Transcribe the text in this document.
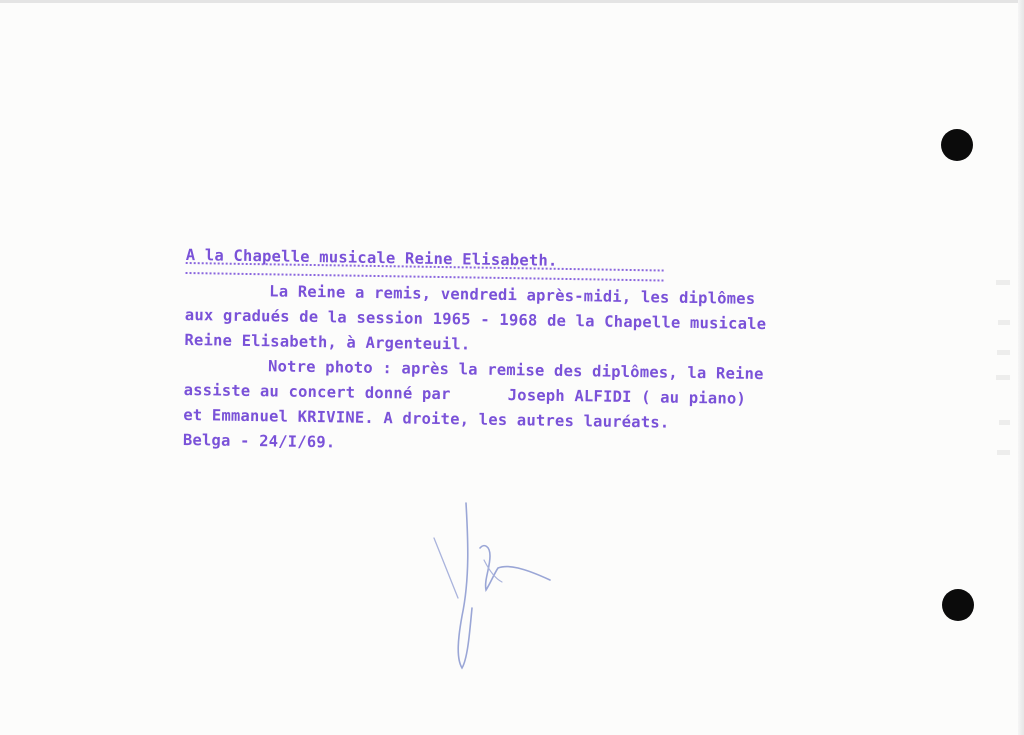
A la Chapelle musicale Reine Elisabeth.
La Reine a remis, vendredi après-midi, les diplômes
aux gradués de la session 1965 - 1968 de la Chapelle musicale
Reine Elisabeth, à Argenteuil.
Notre photo : après la remise des diplômes, la Reine
assiste au concert donné par      Joseph ALFIDI ( au piano)
et Emmanuel KRIVINE. A droite, les autres lauréats.
Belga - 24/I/69.
